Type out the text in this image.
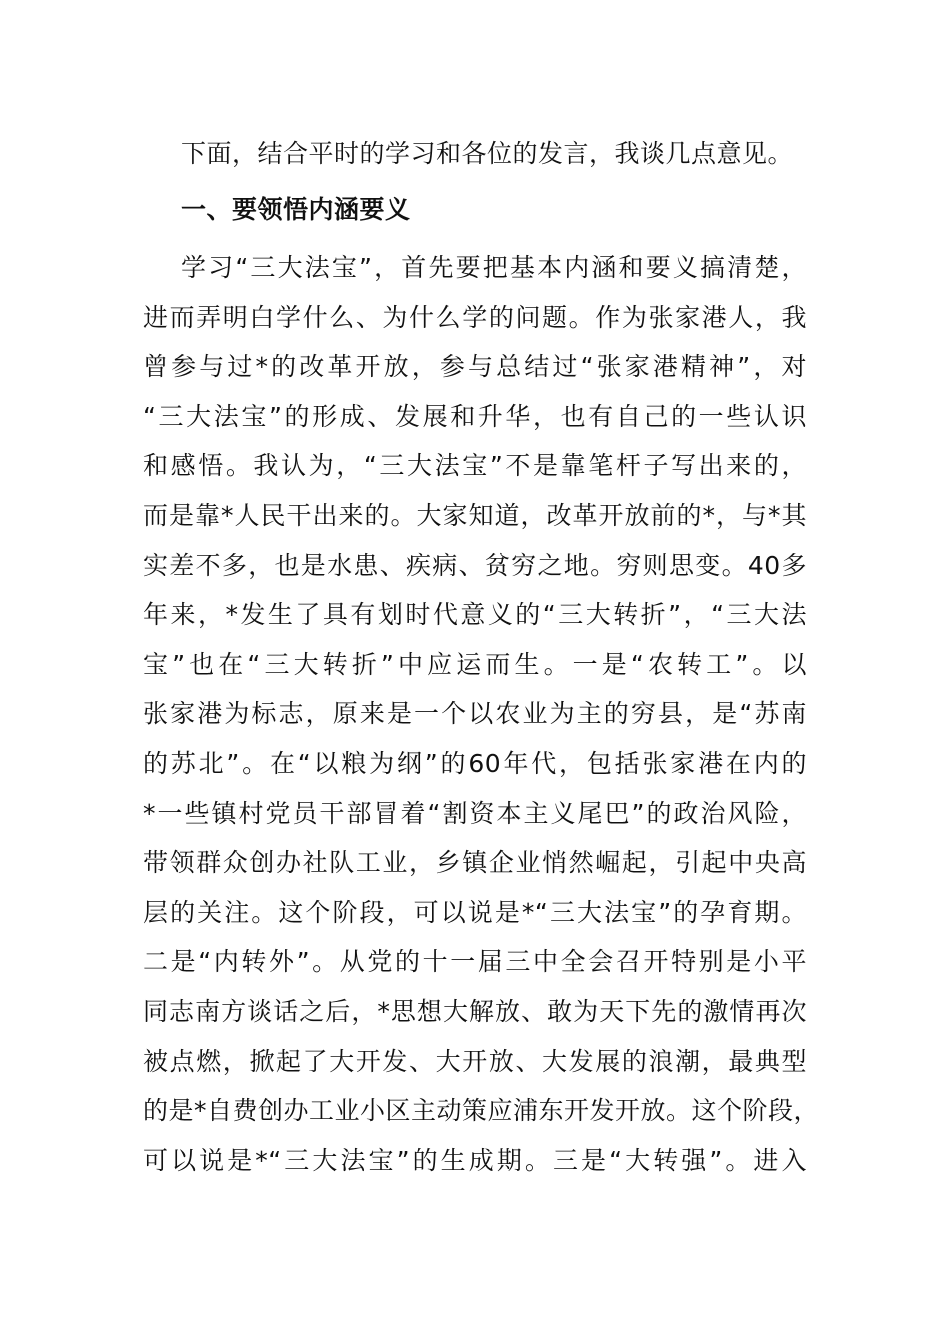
下面，结合平时的学习和各位的发言，我谈几点意见。
一、要领悟内涵要义
学习“三大法宝”，首先要把基本内涵和要义搞清楚，
进而弄明白学什么、为什么学的问题。作为张家港人，我
曾参与过*的改革开放，参与总结过“张家港精神”，对
“三大法宝”的形成、发展和升华，也有自己的一些认识
和感悟。我认为，“三大法宝”不是靠笔杆子写出来的，
而是靠*人民干出来的。大家知道，改革开放前的*，与*其
实差不多，也是水患、疾病、贫穷之地。穷则思变。40多
年来，*发生了具有划时代意义的“三大转折”，“三大法
宝”也在“三大转折”中应运而生。一是“农转工”。以
张家港为标志，原来是一个以农业为主的穷县，是“苏南
的苏北”。在“以粮为纲”的60年代，包括张家港在内的
*一些镇村党员干部冒着“割资本主义尾巴”的政治风险，
带领群众创办社队工业，乡镇企业悄然崛起，引起中央高
层的关注。这个阶段，可以说是*“三大法宝”的孕育期。
二是“内转外”。从党的十一届三中全会召开特别是小平
同志南方谈话之后，*思想大解放、敢为天下先的激情再次
被点燃，掀起了大开发、大开放、大发展的浪潮，最典型
的是*自费创办工业小区主动策应浦东开发开放。这个阶段，
可以说是*“三大法宝”的生成期。三是“大转强”。进入
